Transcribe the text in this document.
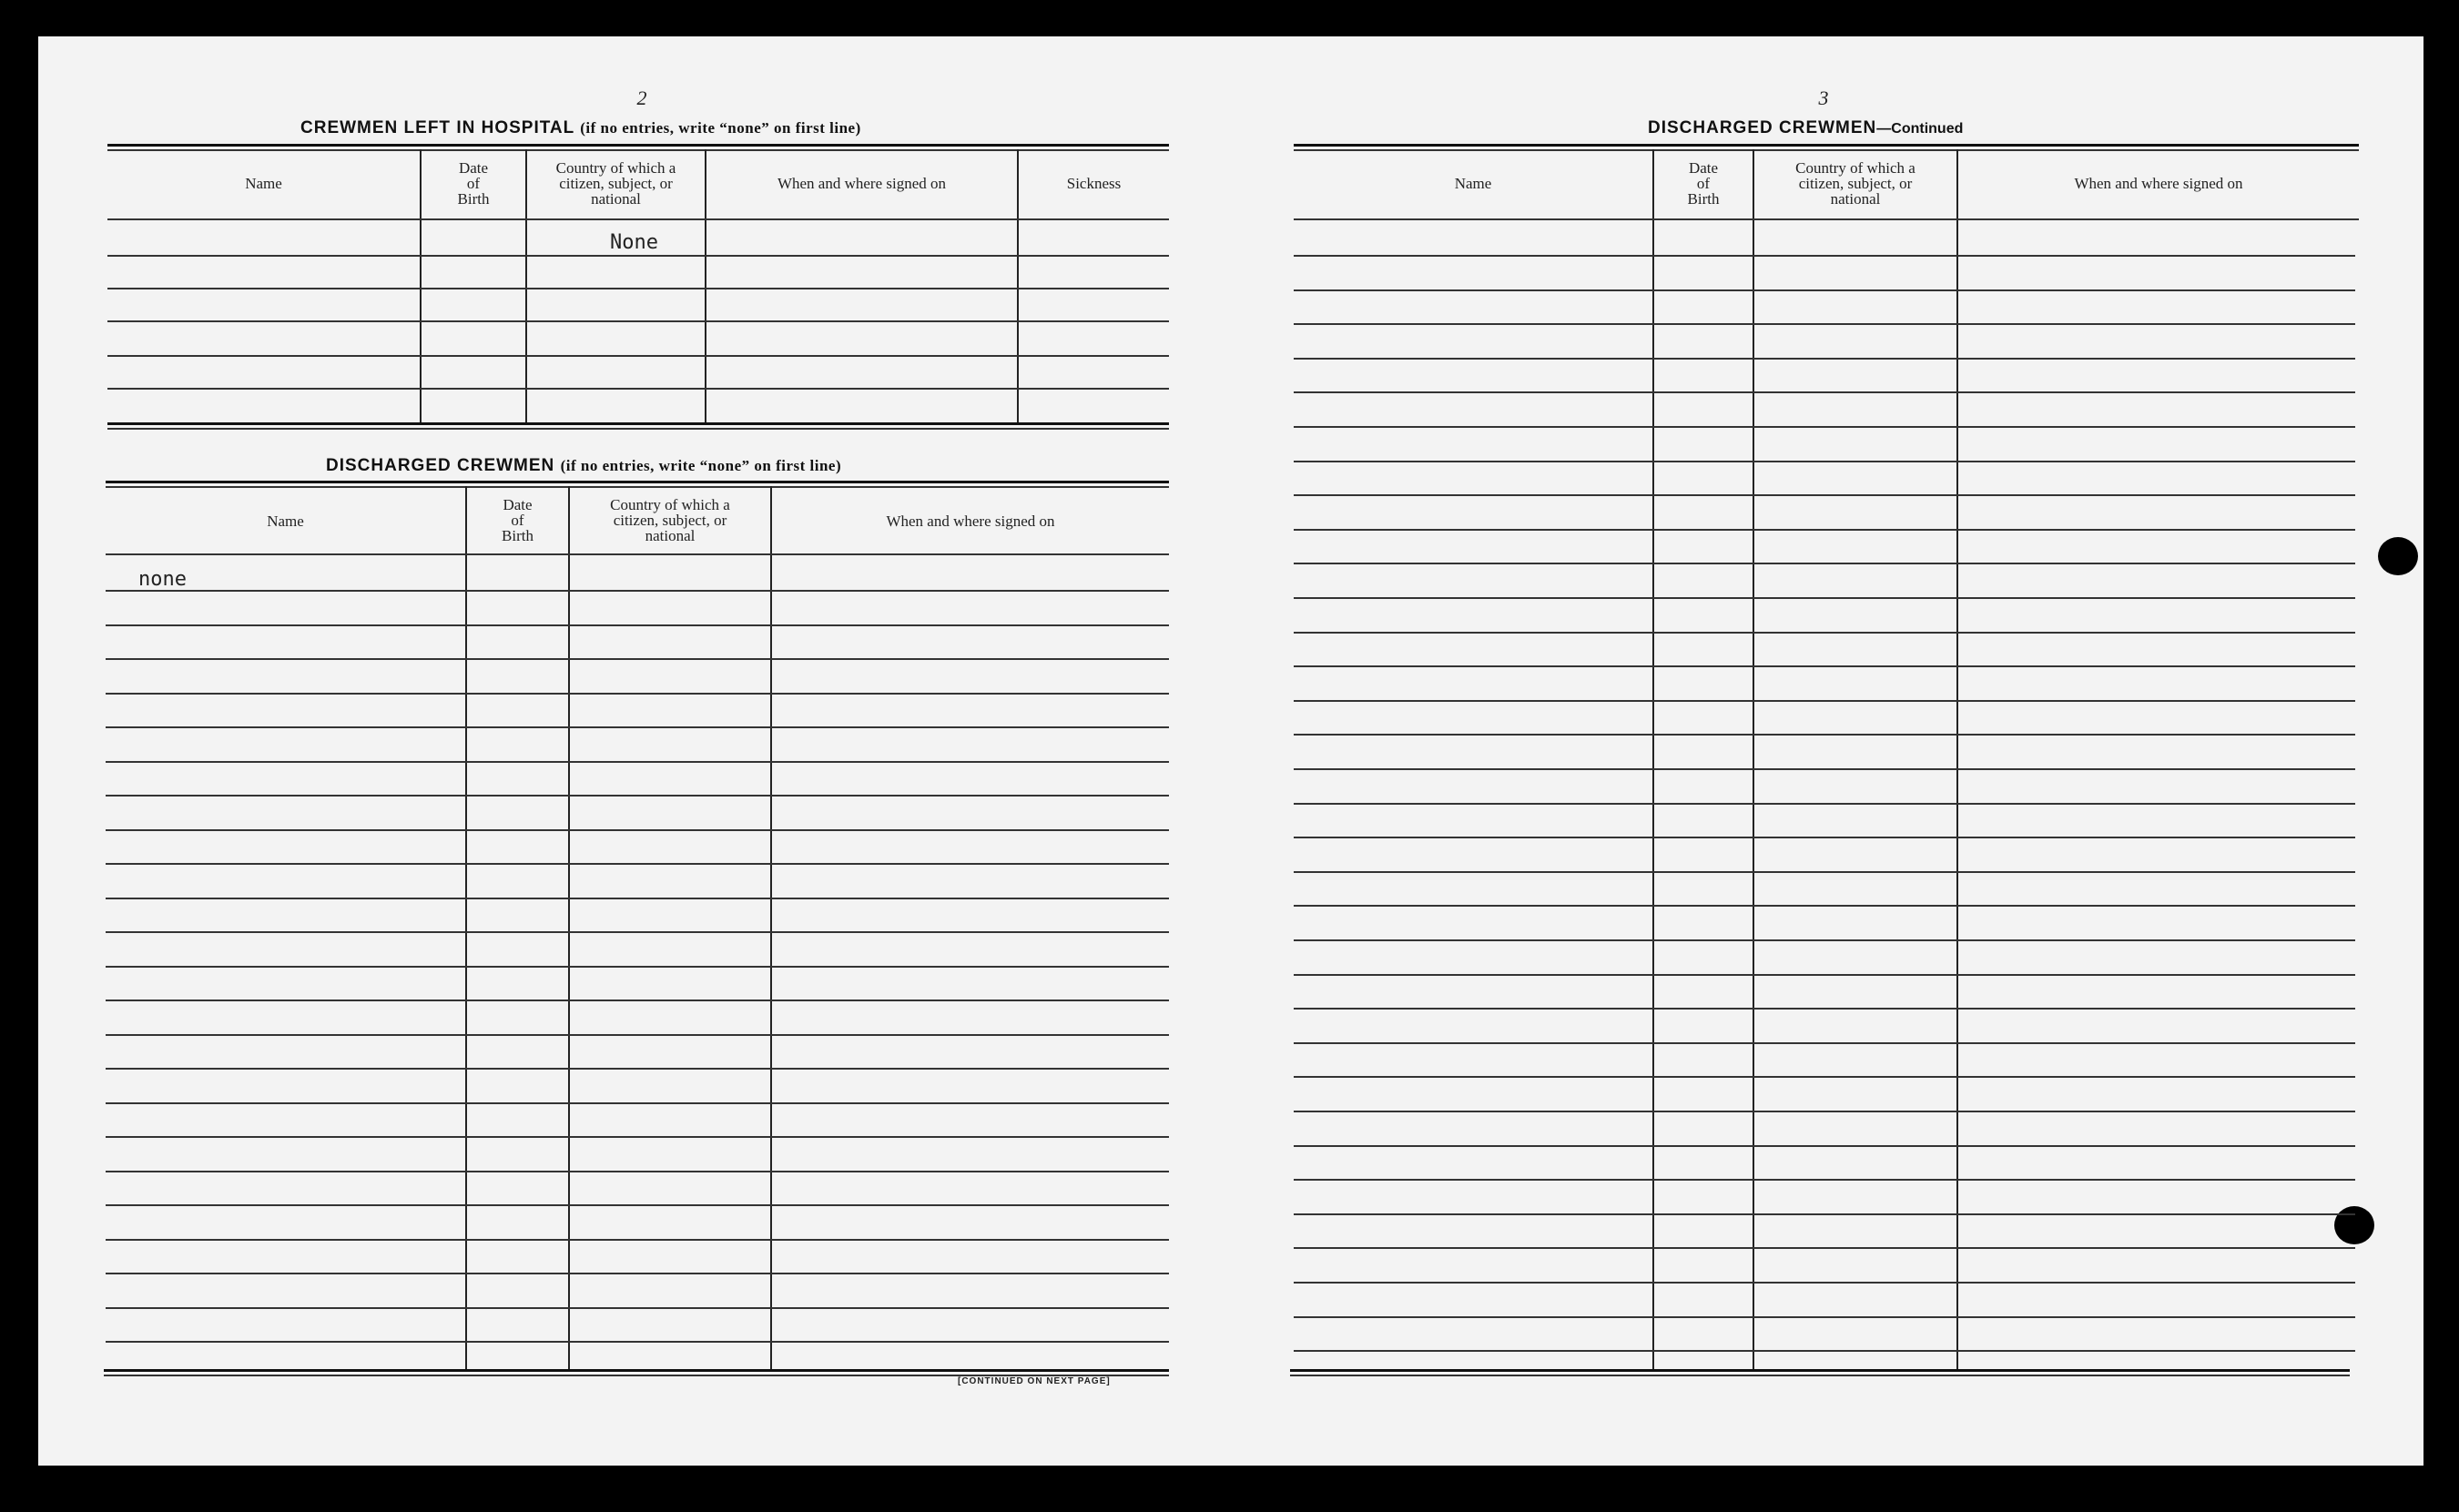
2
CREWMEN LEFT IN HOSPITAL (if no entries, write “none” on first line)
Name
Date
of
Birth
Country of which a
citizen, subject, or
national
When and where signed on	Sickness
None
DISCHARGED CREWMEN (if no entries, write “none” on first line)
Name
Date
of
Birth
Country of which a
citizen, subject, or
national
When and where signed on
none
[CONTINUED ON NEXT PAGE]
3
DISCHARGED CREWMEN—Continued
Name
Date
of
Birth
Country of which a
citizen, subject, or
national
When and where signed on
